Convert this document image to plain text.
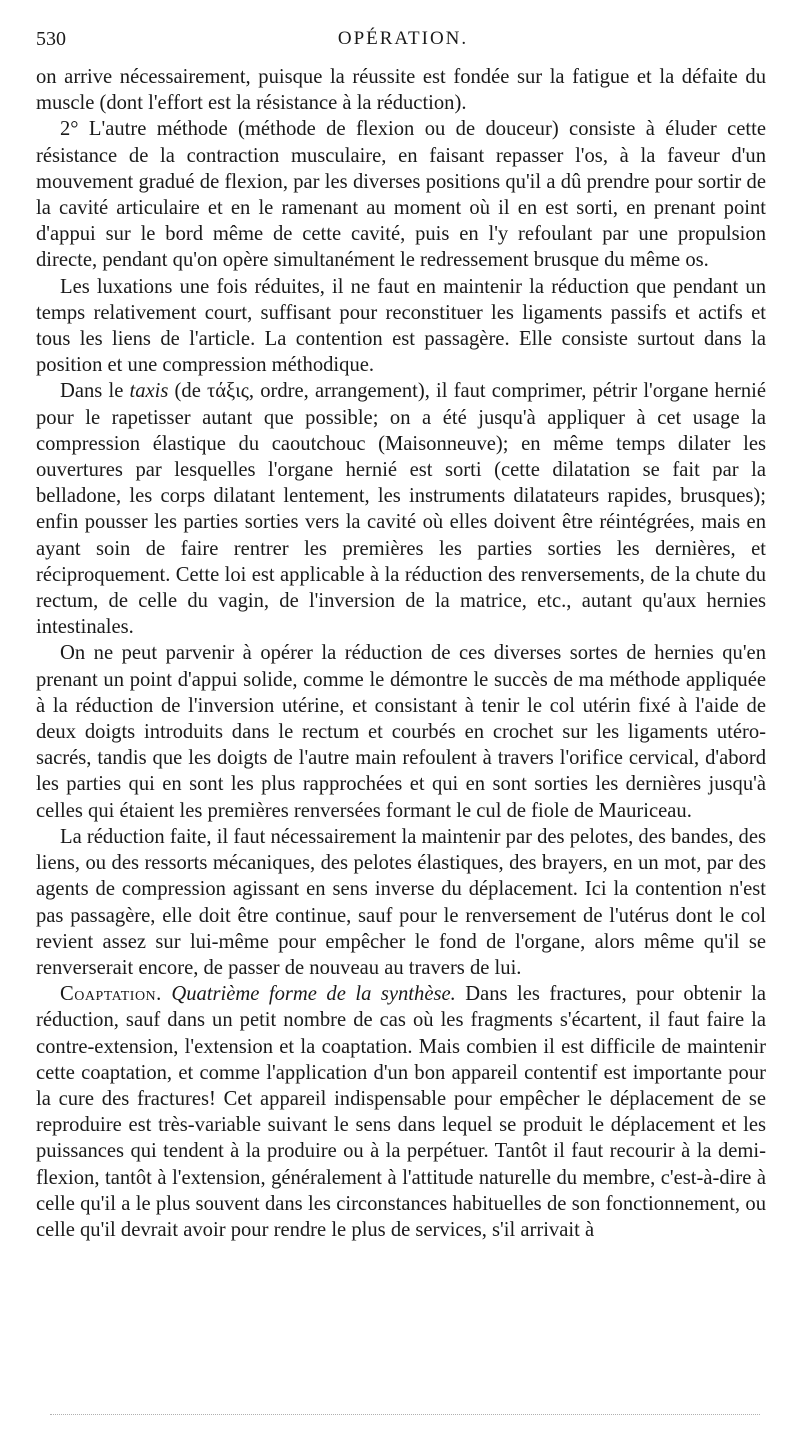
530	OPÉRATION.

on arrive nécessairement, puisque la réussite est fondée sur la fatigue et la défaite du muscle (dont l'effort est la résistance à la réduction).

2° L'autre méthode (méthode de flexion ou de douceur) consiste à éluder cette résistance de la contraction musculaire, en faisant repasser l'os, à la faveur d'un mouvement gradué de flexion, par les diverses positions qu'il a dû prendre pour sortir de la cavité articulaire et en le ramenant au moment où il en est sorti, en prenant point d'appui sur le bord même de cette cavité, puis en l'y refoulant par une propulsion directe, pendant qu'on opère simultanément le redressement brusque du même os.

Les luxations une fois réduites, il ne faut en maintenir la réduction que pendant un temps relativement court, suffisant pour reconstituer les ligaments passifs et actifs et tous les liens de l'article. La contention est passagère. Elle consiste surtout dans la position et une compression méthodique.

Dans le taxis (de τάξις, ordre, arrangement), il faut comprimer, pétrir l'organe hernié pour le rapetisser autant que possible; on a été jusqu'à appliquer à cet usage la compression élastique du caoutchouc (Maisonneuve); en même temps dilater les ouvertures par lesquelles l'organe hernié est sorti (cette dilatation se fait par la belladone, les corps dilatant lentement, les instruments dilatateurs rapides, brusques); enfin pousser les parties sorties vers la cavité où elles doivent être réintégrées, mais en ayant soin de faire rentrer les premières les parties sorties les dernières, et réciproquement. Cette loi est applicable à la réduction des renversements, de la chute du rectum, de celle du vagin, de l'inversion de la matrice, etc., autant qu'aux hernies intestinales.

On ne peut parvenir à opérer la réduction de ces diverses sortes de hernies qu'en prenant un point d'appui solide, comme le démontre le succès de ma méthode appliquée à la réduction de l'inversion utérine, et consistant à tenir le col utérin fixé à l'aide de deux doigts introduits dans le rectum et courbés en crochet sur les ligaments utéro-sacrés, tandis que les doigts de l'autre main refoulent à travers l'orifice cervical, d'abord les parties qui en sont les plus rapprochées et qui en sont sorties les dernières jusqu'à celles qui étaient les premières renversées formant le cul de fiole de Mauriceau.

La réduction faite, il faut nécessairement la maintenir par des pelotes, des bandes, des liens, ou des ressorts mécaniques, des pelotes élastiques, des brayers, en un mot, par des agents de compression agissant en sens inverse du déplacement. Ici la contention n'est pas passagère, elle doit être continue, sauf pour le renversement de l'utérus dont le col revient assez sur lui-même pour empêcher le fond de l'organe, alors même qu'il se renverserait encore, de passer de nouveau au travers de lui.

Coaptation. Quatrième forme de la synthèse. Dans les fractures, pour obtenir la réduction, sauf dans un petit nombre de cas où les fragments s'écartent, il faut faire la contre-extension, l'extension et la coaptation. Mais combien il est difficile de maintenir cette coaptation, et comme l'application d'un bon appareil contentif est importante pour la cure des fractures! Cet appareil indispensable pour empêcher le déplacement de se reproduire est très-variable suivant le sens dans lequel se produit le déplacement et les puissances qui tendent à la produire ou à la perpétuer. Tantôt il faut recourir à la demi-flexion, tantôt à l'extension, généralement à l'attitude naturelle du membre, c'est-à-dire à celle qu'il a le plus souvent dans les circonstances habituelles de son fonctionnement, ou celle qu'il devrait avoir pour rendre le plus de services, s'il arrivait à
